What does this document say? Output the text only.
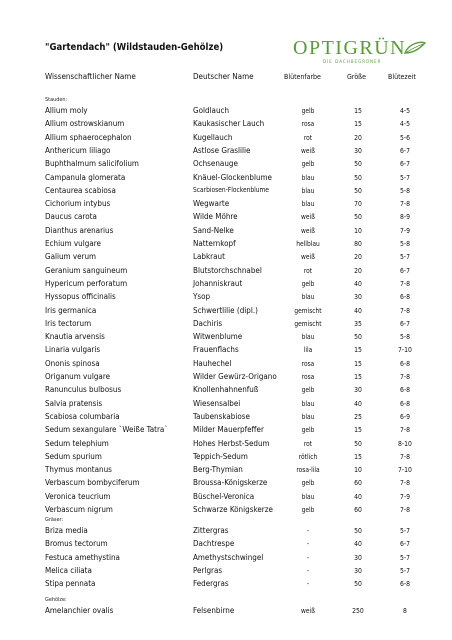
"Gartendach" (Wildstauden-Gehölze)	OPTIGRÜN
DIE DACHBEGRÜNER
Wissenschaftlicher Name	Deutscher Name	Blütenfarbe	Größe	Blütezeit
Stauden:
Allium moly	Goldlauch	gelb	15	4-5
Allium ostrowskianum	Kaukasischer Lauch	rosa	15	4-5
Allium sphaerocephalon	Kugellauch	rot	20	5-6
Anthericum liliago	Astlose Graslilie	weiß	30	6-7
Buphthalmum salicifolium	Ochsenauge	gelb	50	6-7
Campanula glomerata	Knäuel-Glockenblume	blau	50	5-7
Centaurea scabiosa	Scarbiosen-Flockenblume	blau	50	5-8
Cichorium intybus	Wegwarte	blau	70	7-8
Daucus carota	Wilde Möhre	weiß	50	8-9
Dianthus arenarius	Sand-Nelke	weiß	10	7-9
Echium vulgare	Natternkopf	hellblau	80	5-8
Galium verum	Labkraut	weiß	20	5-7
Geranium sanguineum	Blutstorchschnabel	rot	20	6-7
Hypericum perforatum	Johanniskraut	gelb	40	7-8
Hyssopus officinalis	Ysop	blau	30	6-8
Iris germanica	Schwertlilie (dipl.)	gemischt	40	7-8
Iris tectorum	Dachiris	gemischt	35	6-7
Knautia arvensis	Witwenblume	blau	50	5-8
Linaria vulgaris	Frauenflachs	lila	15	7-10
Ononis spinosa	Hauhechel	rosa	15	6-8
Origanum vulgare	Wilder Gewürz-Origano	rosa	15	7-8
Ranunculus bulbosus	Knollenhahnenfuß	gelb	30	6-8
Salvia pratensis	Wiesensalbei	blau	40	6-8
Scabiosa columbaria	Taubenskabiose	blau	25	6-9
Sedum sexangulare `Weiße Tatra`	Milder Mauerpfeffer	gelb	15	7-8
Sedum telephium	Hohes Herbst-Sedum	rot	50	8-10
Sedum spurium	Teppich-Sedum	rötlich	15	7-8
Thymus montanus	Berg-Thymian	rosa-lila	10	7-10
Verbascum bombyciferum	Broussa-Königskerze	gelb	60	7-8
Veronica teucrium	Büschel-Veronica	blau	40	7-9
Verbascum nigrum	Schwarze Königskerze	gelb	60	7-8
Gräser:
Briza media	Zittergras	-	50	5-7
Bromus tectorum	Dachtrespe	-	40	6-7
Festuca amethystina	Amethystschwingel	-	30	5-7
Melica ciliata	Perlgras	-	30	5-7
Stipa pennata	Federgras	-	50	6-8
Gehölze:
Amelanchier ovalis	Felsenbirne	weiß	250	8
